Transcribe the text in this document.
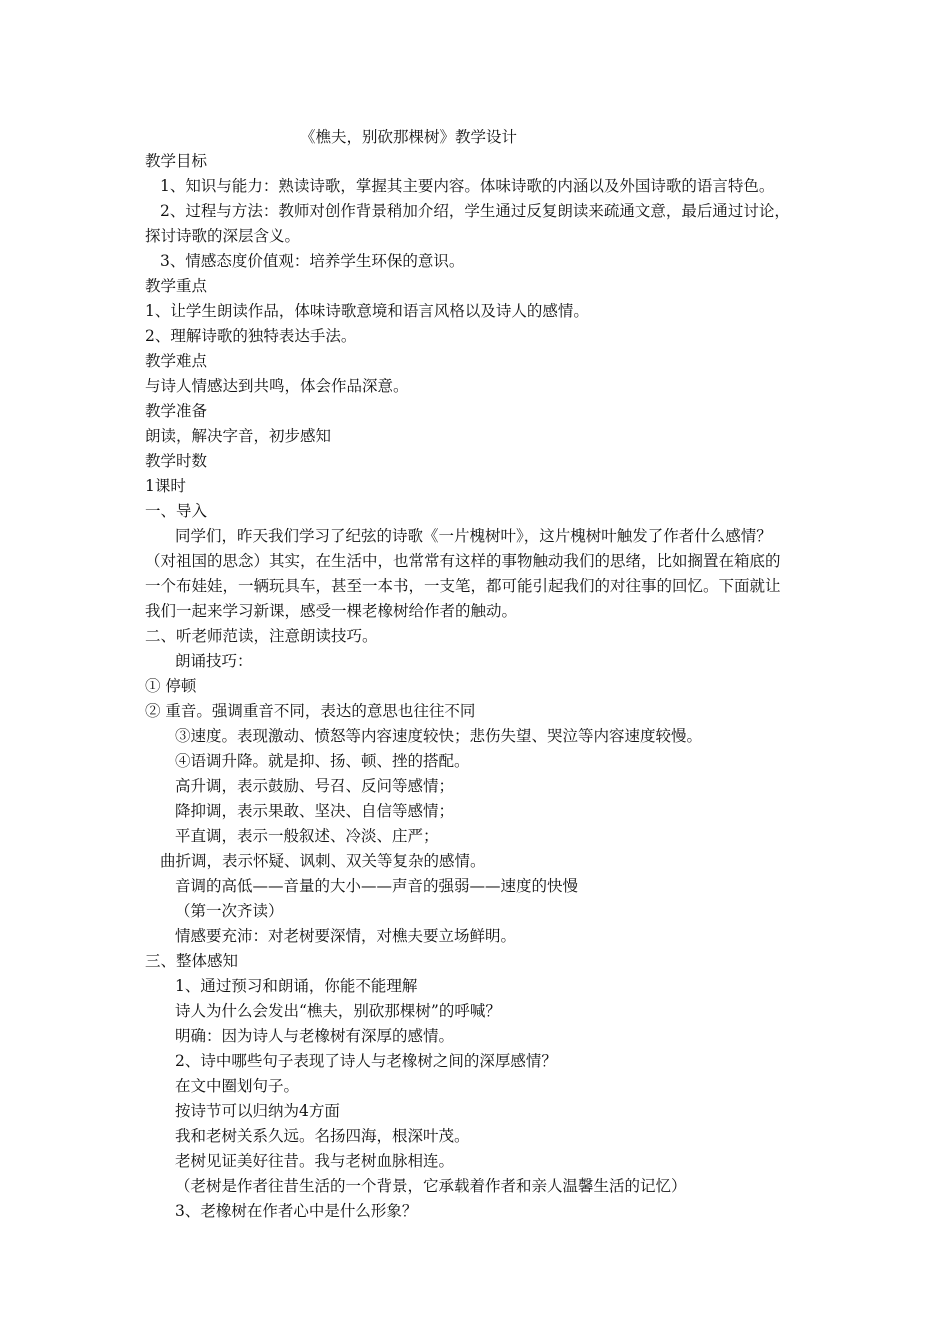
《樵夫，别砍那棵树》教学设计
教学目标
1、知识与能力：熟读诗歌，掌握其主要内容。体味诗歌的内涵以及外国诗歌的语言特色。
2、过程与方法：教师对创作背景稍加介绍，学生通过反复朗读来疏通文意，最后通过讨论，
探讨诗歌的深层含义。
3、情感态度价值观：培养学生环保的意识。
教学重点
1、让学生朗读作品，体味诗歌意境和语言风格以及诗人的感情。
2、理解诗歌的独特表达手法。
教学难点
与诗人情感达到共鸣，体会作品深意。
教学准备
朗读，解决字音，初步感知
教学时数
1课时
一、导入
同学们，昨天我们学习了纪弦的诗歌《一片槐树叶》，这片槐树叶触发了作者什么感情？
（对祖国的思念）其实，在生活中，也常常有这样的事物触动我们的思绪，比如搁置在箱底的
一个布娃娃，一辆玩具车，甚至一本书，一支笔，都可能引起我们的对往事的回忆。下面就让
我们一起来学习新课，感受一棵老橡树给作者的触动。
二、听老师范读，注意朗读技巧。
朗诵技巧：
① 停顿
② 重音。强调重音不同，表达的意思也往往不同
③速度。表现激动、愤怒等内容速度较快；悲伤失望、哭泣等内容速度较慢。
④语调升降。就是抑、扬、顿、挫的搭配。
高升调，表示鼓励、号召、反问等感情；
降抑调，表示果敢、坚决、自信等感情；
平直调，表示一般叙述、冷淡、庄严；
曲折调，表示怀疑、讽刺、双关等复杂的感情。
音调的高低——音量的大小——声音的强弱——速度的快慢
（第一次齐读）
情感要充沛：对老树要深情，对樵夫要立场鲜明。
三、整体感知
1、通过预习和朗诵，你能不能理解
诗人为什么会发出“樵夫，别砍那棵树”的呼喊？
明确：因为诗人与老橡树有深厚的感情。
2、诗中哪些句子表现了诗人与老橡树之间的深厚感情？
在文中圈划句子。
按诗节可以归纳为4方面
我和老树关系久远。名扬四海，根深叶茂。
老树见证美好往昔。我与老树血脉相连。
（老树是作者往昔生活的一个背景，它承载着作者和亲人温馨生活的记忆）
3、老橡树在作者心中是什么形象？
